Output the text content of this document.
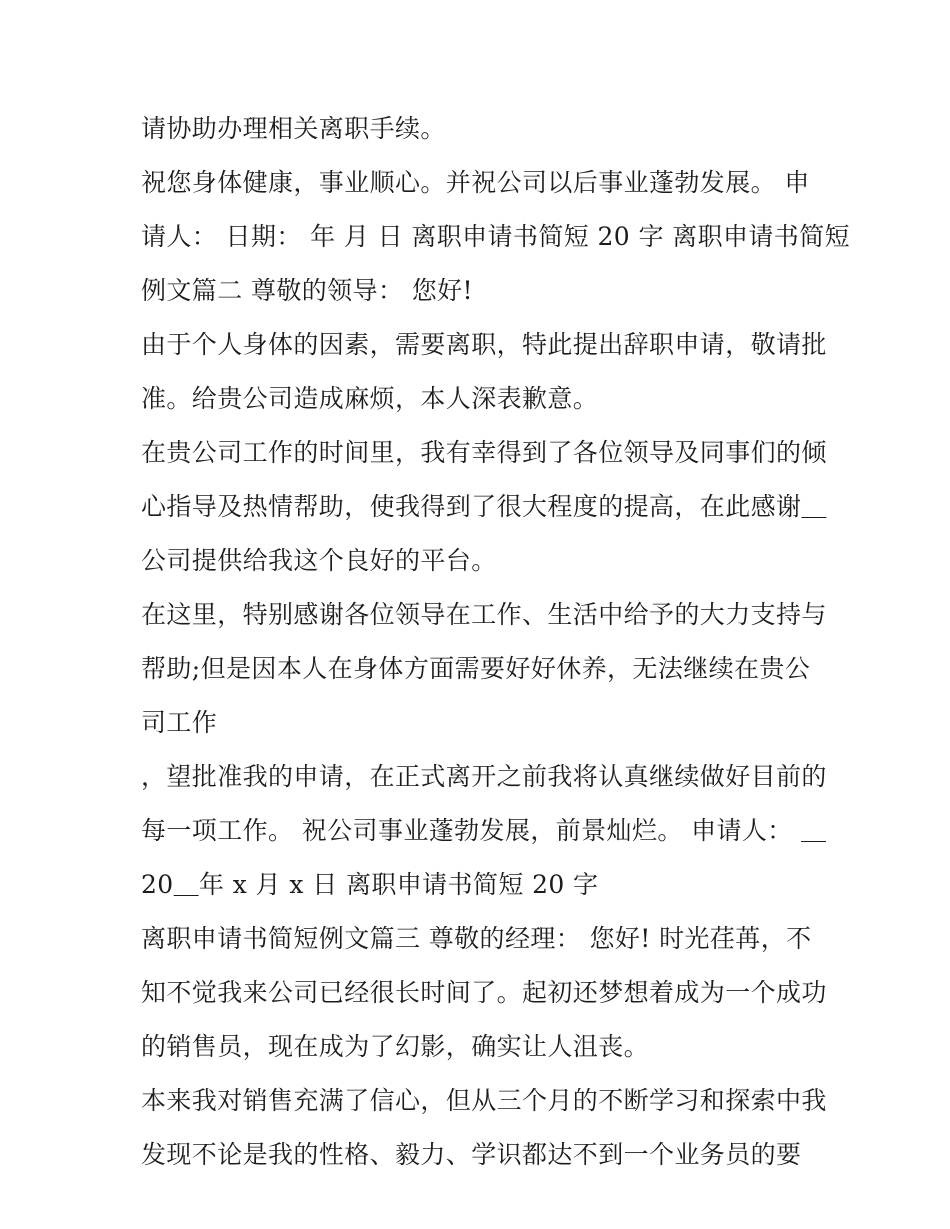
请协助办理相关离职手续。
祝您身体健康，事业顺心。并祝公司以后事业蓬勃发展。 申
请人： 日期： 年 月 日 离职申请书简短 20 字 离职申请书简短
例文篇二 尊敬的领导： 您好!
由于个人身体的因素，需要离职，特此提出辞职申请，敬请批
准。给贵公司造成麻烦，本人深表歉意。
在贵公司工作的时间里，我有幸得到了各位领导及同事们的倾
心指导及热情帮助，使我得到了很大程度的提高，在此感谢＿
公司提供给我这个良好的平台。
在这里，特别感谢各位领导在工作、生活中给予的大力支持与
帮助;但是因本人在身体方面需要好好休养，无法继续在贵公
司工作
，望批准我的申请，在正式离开之前我将认真继续做好目前的
每一项工作。 祝公司事业蓬勃发展，前景灿烂。 申请人： ＿
20＿年 x 月 x 日 离职申请书简短 20 字
离职申请书简短例文篇三 尊敬的经理： 您好! 时光荏苒，不
知不觉我来公司已经很长时间了。起初还梦想着成为一个成功
的销售员，现在成为了幻影，确实让人沮丧。
本来我对销售充满了信心，但从三个月的不断学习和探索中我
发现不论是我的性格、毅力、学识都达不到一个业务员的要
